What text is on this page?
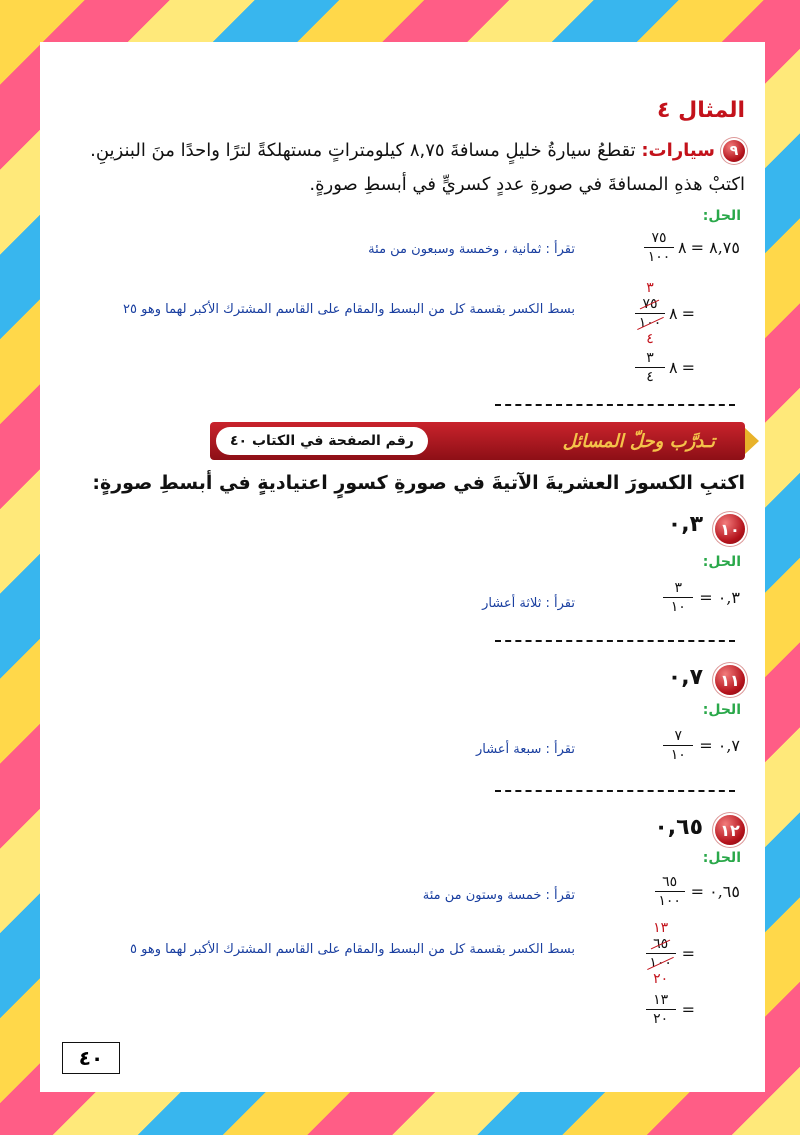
المثال ٤
٩
سيارات: تقطعُ سيارةُ خليلٍ مسافةَ ٨,٧٥ كيلومتراتٍ مستهلكةً لترًا واحدًا منَ البنزينِ.
اكتبْ هذهِ المسافةَ في صورةِ عددٍ كسريٍّ في أبسطِ صورةٍ.
الحل:
٨,٧٥ =
٨
$\frac{٧٥}{١٠٠}$
تقرأ : ثمانية ، وخمسة وسبعون من مئة
=
٨
٣
٧٥
١٠٠
٤
بسط الكسر بقسمة كل من البسط والمقام على القاسم المشترك الأكبر لهما وهو ٢٥
=
٨
$\frac{٣}{٤}$
تـدرَّب وحلّ المسائل
رقم الصفحة في الكتاب ٤٠
اكتبِ الكسورَ العشريةَ الآتيةَ في صورةِ كسورٍ اعتياديةٍ في أبسطِ صورةٍ:
١٠
٠,٣
الحل:
٠,٣ =
$\frac{٣}{١٠}$
تقرأ : ثلاثة أعشار
١١
٠,٧
الحل:
٠,٧ =
$\frac{٧}{١٠}$
تقرأ : سبعة أعشار
١٢
٠,٦٥
الحل:
٠,٦٥ =
$\frac{٦٥}{١٠٠}$
تقرأ : خمسة وستون من مئة
=
١٣
٦٥
١٠٠
٢٠
بسط الكسر بقسمة كل من البسط والمقام على القاسم المشترك الأكبر لهما وهو ٥
=
$\frac{١٣}{٢٠}$
٤٠
